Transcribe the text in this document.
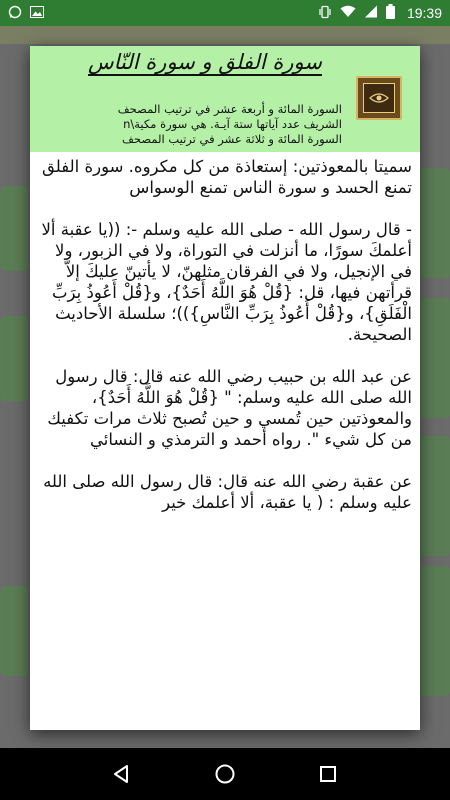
19:39
سورة الفلق و سورة النّاس

السورة المائة و أربعة عشر في ترتيب المصحف

الشريف عدد آياتها ستة آيـة. هي سورة مكية\n

السورة المائة و ثلاثة عشر في ترتيب المصحف

سميتا بالمعوذتين: إستعاذة من كل مكروه. سورة الفلق تمنع الحسد و سورة الناس تمنع الوسواس

- قال رسول الله - صلى الله عليه وسلم -: ((يا عقبة ألا أعلمكَ سورًا، ما أنزلت في التوراة، ولا في الزبور، ولا في الإنجيل، ولا في الفرقان مثلهنّ، لا يأتينّ عليكَ إلاّ قرأتهن فيها، قل: {قُلْ هُوَ اللَّهُ أَحَدٌ}، و{قُلْ أَعُوذُ بِرَبِّ الْفَلَقِ}، و{قُلْ أَعُوذُ بِرَبِّ النَّاسِ}))؛ سلسلة الأحاديث الصحيحة.

عن عبد الله بن حبيب رضي الله عنه قال: قال رسول الله صلى الله عليه وسلم: " {قُلْ هُوَ اللَّهُ أَحَدٌ}، والمعوذتين حين تُمسي و حين تُصبح ثلاث مرات تكفيك من كل شيء ". رواه أحمد و الترمذي و النسائي

عن عقبة رضي الله عنه قال: قال رسول الله صلى الله عليه وسلم : ( يا عقبة، ألا أعلمك خير
